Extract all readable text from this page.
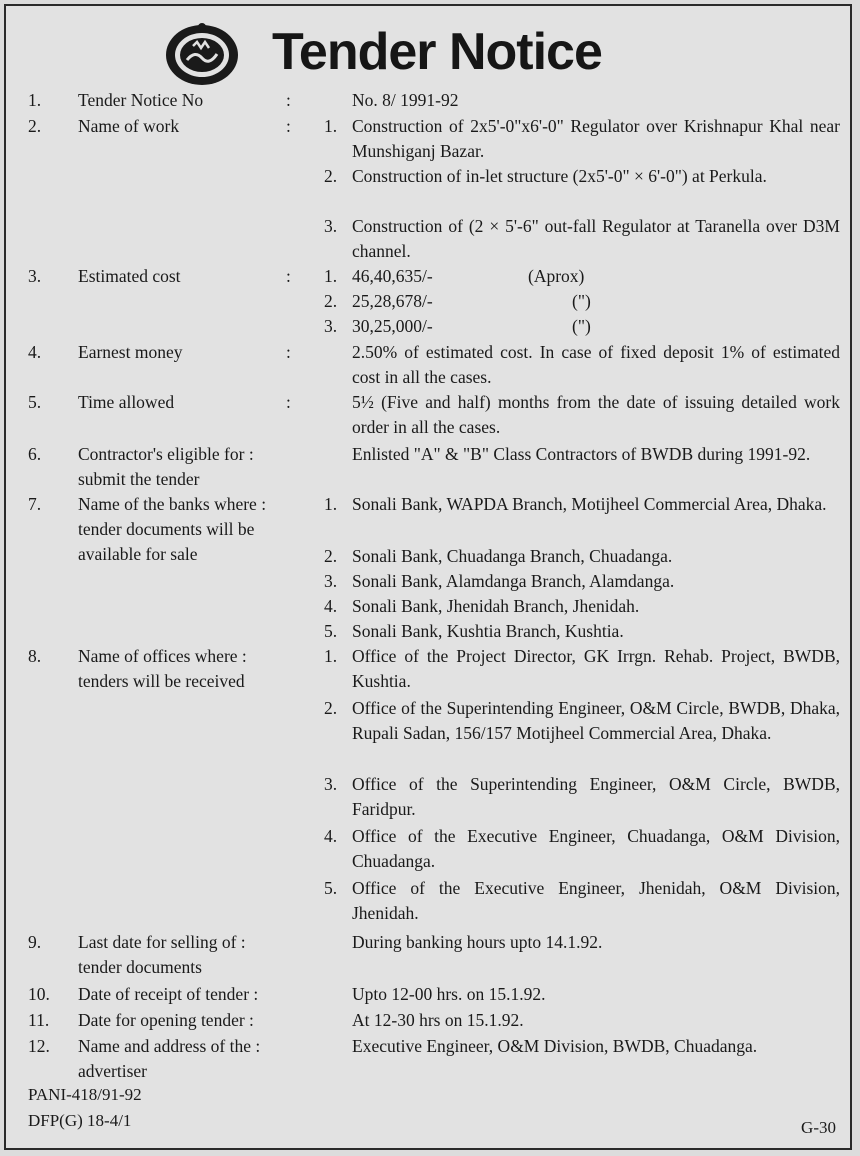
Tender Notice
1. Tender Notice No	:	No. 8/ 1991-92
2. Name of work	: 1. Construction of 2x5'-0"x6'-0" Regulator over Krishnapur Khal near Munshiganj Bazar.
2. Construction of in-let structure (2x5'-0" × 6'-0") at Perkula.
3. Construction of (2 × 5'-6" out-fall Regulator at Taranella over D3M channel.
3. Estimated cost	: 1. 46,40,635/-	(Aprox)
2. 25,28,678/-	(")
3. 30,25,000/-	(")
4. Earnest money	:	2.50% of estimated cost. In case of fixed deposit 1% of estimated cost in all the cases.
5. Time allowed	:	5½ (Five and half) months from the date of issuing detailed work order in all the cases.
6. Contractor's eligible for : submit the tender
Enlisted "A" & "B" Class Contractors of BWDB during 1991-92.
7. Name of the banks where : tender documents will be available for sale
1. Sonali Bank, WAPDA Branch, Motijheel Commercial Area, Dhaka.
2. Sonali Bank, Chuadanga Branch, Chuadanga.
3. Sonali Bank, Alamdanga Branch, Alamdanga.
4. Sonali Bank, Jhenidah Branch, Jhenidah.
5. Sonali Bank, Kushtia Branch, Kushtia.
8. Name of offices where : tenders will be received
1. Office of the Project Director, GK Irrgn. Rehab. Project, BWDB, Kushtia.
2. Office of the Superintending Engineer, O&M Circle, BWDB, Dhaka, Rupali Sadan, 156/157 Motijheel Commercial Area, Dhaka.
3. Office of the Superintending Engineer, O&M Circle, BWDB, Faridpur.
4. Office of the Executive Engineer, Chuadanga, O&M Division, Chuadanga.
5. Office of the Executive Engineer, Jhenidah, O&M Division, Jhenidah.
9. Last date for selling of : tender documents
During banking hours upto 14.1.92.
10. Date of receipt of tender :	Upto 12-00 hrs. on 15.1.92.
11. Date for opening tender :	At 12-30 hrs on 15.1.92.
12. Name and address of the : advertiser
Executive Engineer, O&M Division, BWDB, Chuadanga.
PANI-418/91-92
DFP(G) 18-4/1	G-30
